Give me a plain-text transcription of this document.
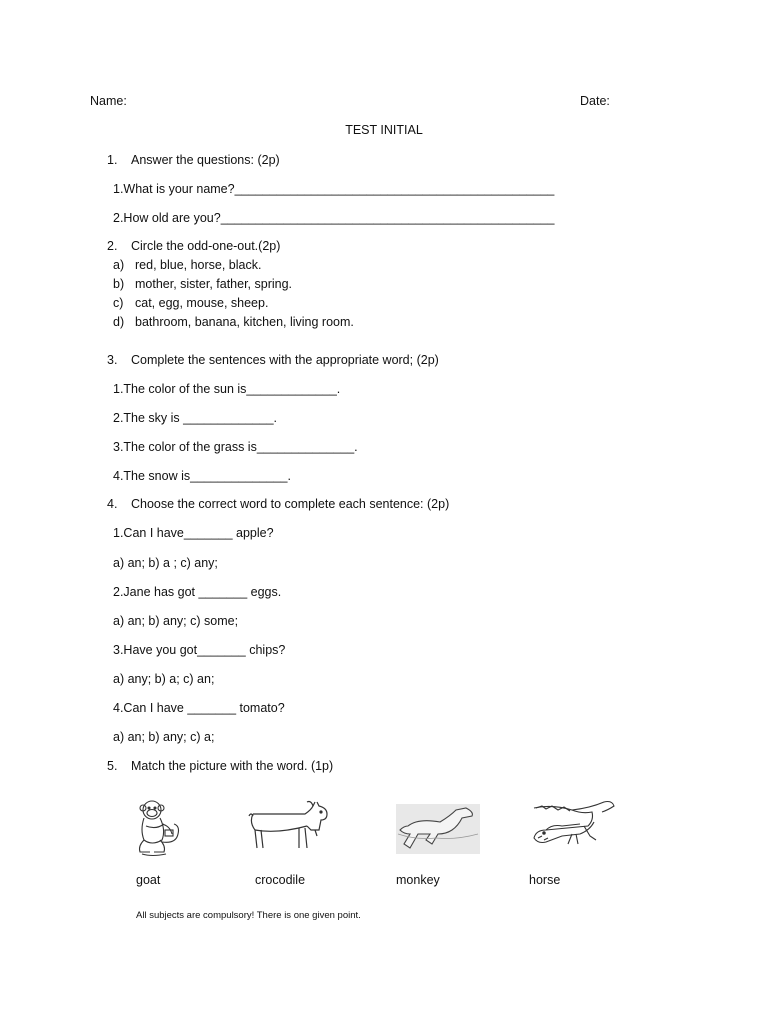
Name:	Date:
TEST INITIAL
1. Answer the questions: (2p)
1.What is your name?______________________________________________
2.How old are you?________________________________________________
2. Circle the odd-one-out.(2p)
a) red, blue, horse, black.
b) mother, sister, father, spring.
c) cat, egg, mouse, sheep.
d) bathroom, banana, kitchen, living room.
3. Complete the sentences with the appropriate word; (2p)
1.The color of the sun is_____________.
2.The sky is _____________.
3.The color of the grass is______________.
4.The snow is______________.
4. Choose the correct word to complete each sentence: (2p)
1.Can I have_______ apple?
a) an; b) a ; c) any;
2.Jane has got _______ eggs.
a) an; b) any; c) some;
3.Have you got_______ chips?
a) any; b) a; c) an;
4.Can I have _______ tomato?
a) an; b) any; c) a;
5. Match the picture with the word. (1p)
goat	crocodile	monkey	horse
All subjects are compulsory! There is one given point.
